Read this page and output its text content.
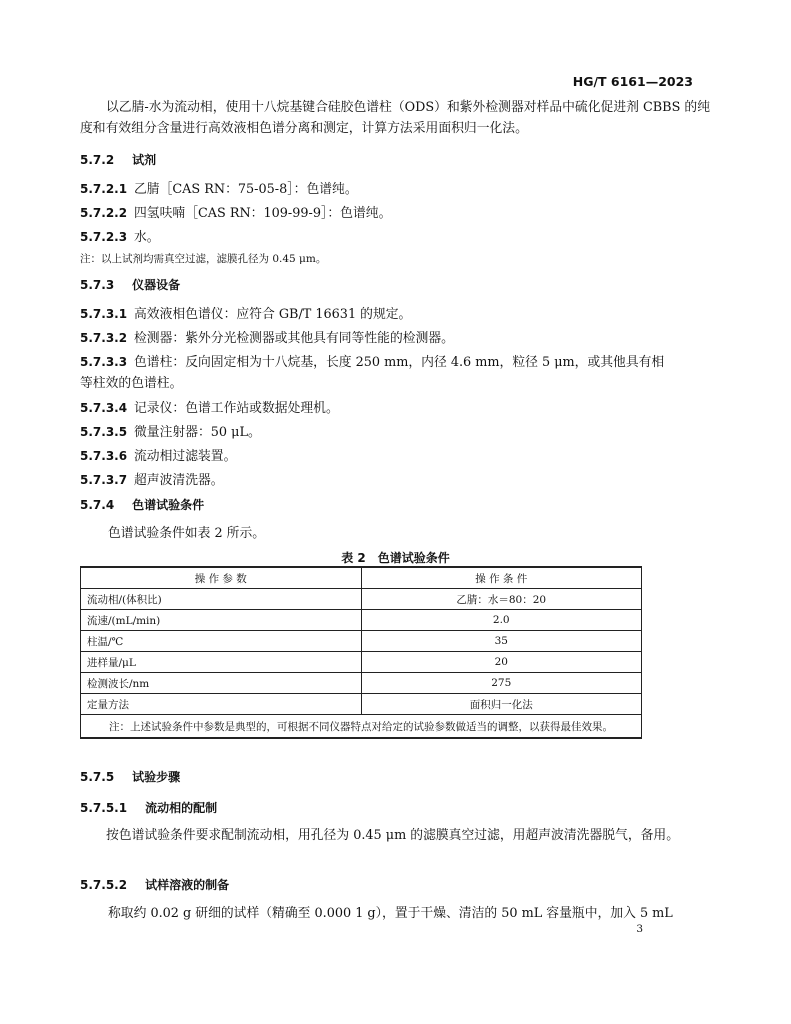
HG/T 6161—2023
以乙腈-水为流动相，使用十八烷基键合硅胶色谱柱（ODS）和紫外检测器对样品中硫化促进剂 CBBS 的纯度和有效组分含量进行高效液相色谱分离和测定，计算方法采用面积归一化法。
5.7.2 试剂
5.7.2.1 乙腈［CAS RN：75-05-8］：色谱纯。
5.7.2.2 四氢呋喃［CAS RN：109-99-9］：色谱纯。
5.7.2.3 水。
注：以上试剂均需真空过滤，滤膜孔径为 0.45 μm。
5.7.3 仪器设备
5.7.3.1 高效液相色谱仪：应符合 GB/T 16631 的规定。
5.7.3.2 检测器：紫外分光检测器或其他具有同等性能的检测器。
5.7.3.3 色谱柱：反向固定相为十八烷基，长度 250 mm，内径 4.6 mm，粒径 5 μm，或其他具有相
等柱效的色谱柱。
5.7.3.4 记录仪：色谱工作站或数据处理机。
5.7.3.5 微量注射器：50 μL。
5.7.3.6 流动相过滤装置。
5.7.3.7 超声波清洗器。
5.7.4 色谱试验条件
色谱试验条件如表 2 所示。
表 2　色谱试验条件
操 作 参 数	操 作 条 件
流动相/(体积比)	乙腈：水＝80：20
流速/(mL/min)	2.0
柱温/℃	35
进样量/μL	20
检测波长/nm	275
定量方法	面积归一化法
注：上述试验条件中参数是典型的，可根据不同仪器特点对给定的试验参数做适当的调整，以获得最佳效果。	
5.7.5 试验步骤
5.7.5.1 流动相的配制
按色谱试验条件要求配制流动相，用孔径为 0.45 μm 的滤膜真空过滤，用超声波清洗器脱气，备用。
5.7.5.2 试样溶液的制备
称取约 0.02 g 研细的试样（精确至 0.000 1 g），置于干燥、清洁的 50 mL 容量瓶中，加入 5 mL
3
